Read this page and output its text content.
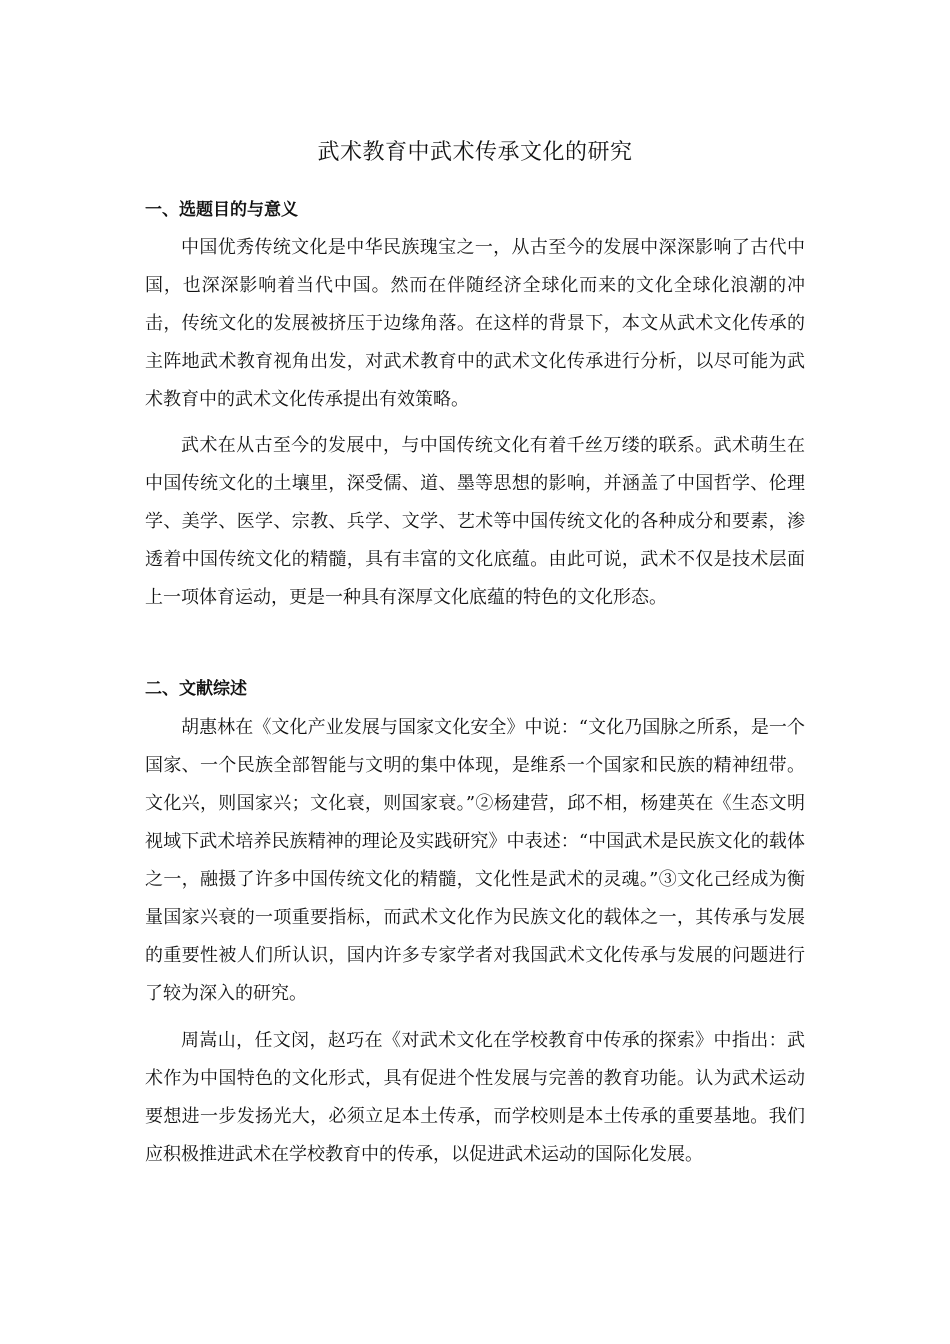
武术教育中武术传承文化的研究
一、选题目的与意义

中国优秀传统文化是中华民族瑰宝之一，从古至今的发展中深深影响了古代中国，也深深影响着当代中国。然而在伴随经济全球化而来的文化全球化浪潮的冲击，传统文化的发展被挤压于边缘角落。在这样的背景下，本文从武术文化传承的主阵地武术教育视角出发，对武术教育中的武术文化传承进行分析，以尽可能为武术教育中的武术文化传承提出有效策略。

武术在从古至今的发展中，与中国传统文化有着千丝万缕的联系。武术萌生在中国传统文化的土壤里，深受儒、道、墨等思想的影响，并涵盖了中国哲学、伦理学、美学、医学、宗教、兵学、文学、艺术等中国传统文化的各种成分和要素，渗透着中国传统文化的精髓，具有丰富的文化底蕴。由此可说，武术不仅是技术层面上一项体育运动，更是一种具有深厚文化底蕴的特色的文化形态。

二、文献综述

胡惠林在《文化产业发展与国家文化安全》中说：“文化乃国脉之所系，是一个国家、一个民族全部智能与文明的集中体现，是维系一个国家和民族的精神纽带。文化兴，则国家兴；文化衰，则国家衰。”②杨建营，邱不相，杨建英在《生态文明视域下武术培养民族精神的理论及实践研究》中表述：“中国武术是民族文化的载体之一，融摄了许多中国传统文化的精髓，文化性是武术的灵魂。”③文化己经成为衡量国家兴衰的一项重要指标，而武术文化作为民族文化的载体之一，其传承与发展的重要性被人们所认识，国内许多专家学者对我国武术文化传承与发展的问题进行了较为深入的研究。

周嵩山，任文闵，赵巧在《对武术文化在学校教育中传承的探索》中指出：武术作为中国特色的文化形式，具有促进个性发展与完善的教育功能。认为武术运动要想进一步发扬光大，必须立足本土传承，而学校则是本土传承的重要基地。我们应积极推进武术在学校教育中的传承，以促进武术运动的国际化发展。
